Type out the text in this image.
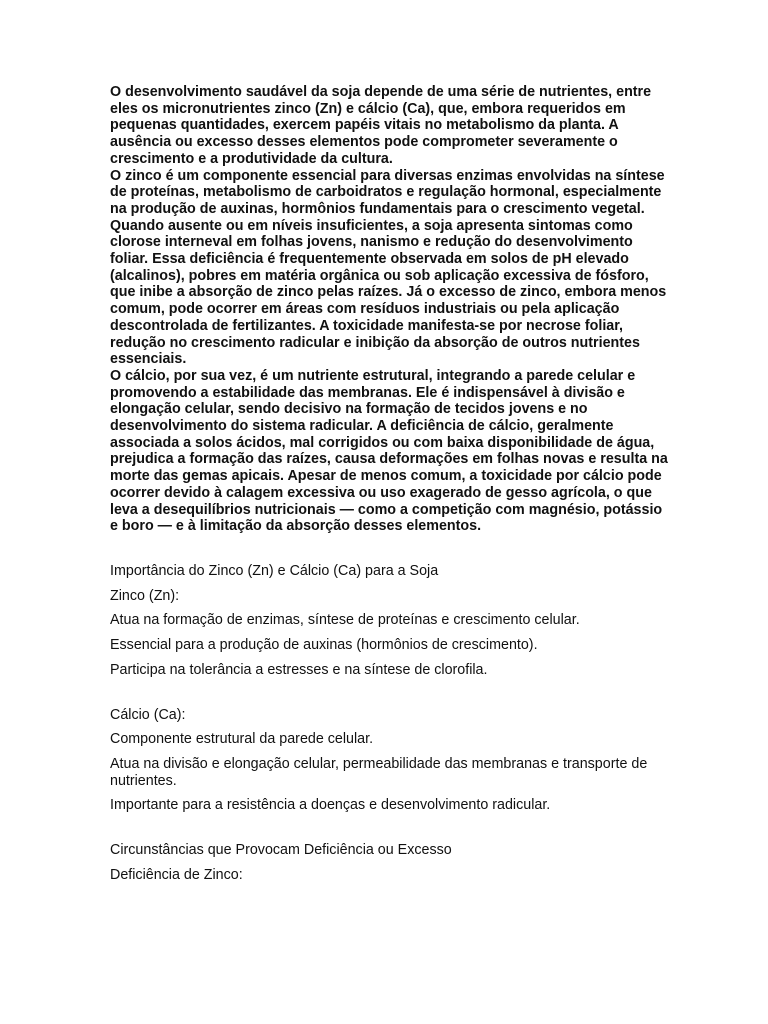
O desenvolvimento saudável da soja depende de uma série de nutrientes, entre eles os micronutrientes zinco (Zn) e cálcio (Ca), que, embora requeridos em pequenas quantidades, exercem papéis vitais no metabolismo da planta. A ausência ou excesso desses elementos pode comprometer severamente o crescimento e a produtividade da cultura.

O zinco é um componente essencial para diversas enzimas envolvidas na síntese de proteínas, metabolismo de carboidratos e regulação hormonal, especialmente na produção de auxinas, hormônios fundamentais para o crescimento vegetal. Quando ausente ou em níveis insuficientes, a soja apresenta sintomas como clorose interneval em folhas jovens, nanismo e redução do desenvolvimento foliar. Essa deficiência é frequentemente observada em solos de pH elevado (alcalinos), pobres em matéria orgânica ou sob aplicação excessiva de fósforo, que inibe a absorção de zinco pelas raízes. Já o excesso de zinco, embora menos comum, pode ocorrer em áreas com resíduos industriais ou pela aplicação descontrolada de fertilizantes. A toxicidade manifesta-se por necrose foliar, redução no crescimento radicular e inibição da absorção de outros nutrientes essenciais.

O cálcio, por sua vez, é um nutriente estrutural, integrando a parede celular e promovendo a estabilidade das membranas. Ele é indispensável à divisão e elongação celular, sendo decisivo na formação de tecidos jovens e no desenvolvimento do sistema radicular. A deficiência de cálcio, geralmente associada a solos ácidos, mal corrigidos ou com baixa disponibilidade de água, prejudica a formação das raízes, causa deformações em folhas novas e resulta na morte das gemas apicais. Apesar de menos comum, a toxicidade por cálcio pode ocorrer devido à calagem excessiva ou uso exagerado de gesso agrícola, o que leva a desequilíbrios nutricionais — como a competição com magnésio, potássio e boro — e à limitação da absorção desses elementos.

Importância do Zinco (Zn) e Cálcio (Ca) para a Soja

Zinco (Zn):

Atua na formação de enzimas, síntese de proteínas e crescimento celular.

Essencial para a produção de auxinas (hormônios de crescimento).

Participa na tolerância a estresses e na síntese de clorofila.

Cálcio (Ca):

Componente estrutural da parede celular.

Atua na divisão e elongação celular, permeabilidade das membranas e transporte de nutrientes.

Importante para a resistência a doenças e desenvolvimento radicular.

Circunstâncias que Provocam Deficiência ou Excesso

Deficiência de Zinco:
